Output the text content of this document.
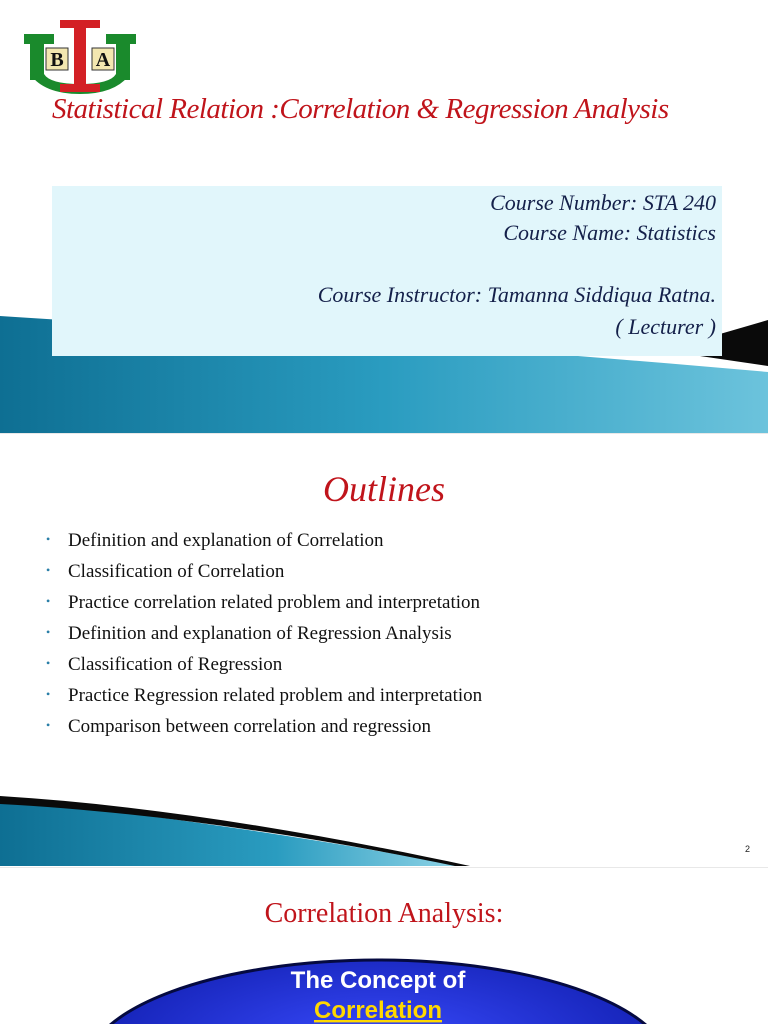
B A
Statistical Relation :Correlation & Regression Analysis
Course Number: STA 240
Course Name: Statistics
Course Instructor: Tamanna Siddiqua Ratna.
( Lecturer )
Outlines
• Definition and explanation of Correlation
• Classification of Correlation
• Practice correlation related problem and interpretation
• Definition and explanation of Regression Analysis
• Classification of Regression
• Practice Regression related problem and interpretation
• Comparison between correlation and regression
2
Correlation Analysis:
The Concept of
Correlation
